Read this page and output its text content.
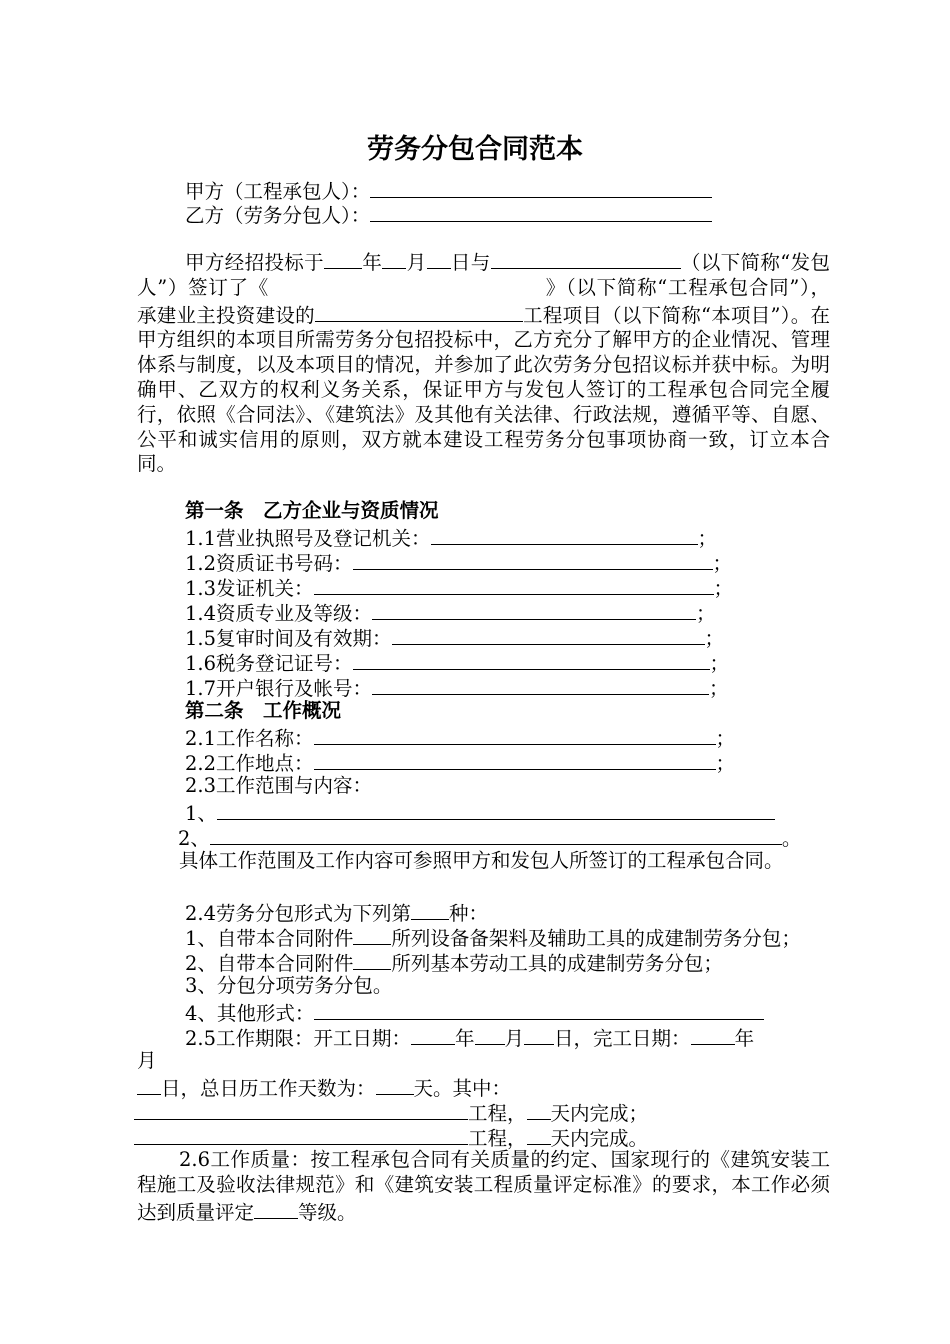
劳务分包合同范本
甲方（工程承包人）：
乙方（劳务分包人）：
甲方经招投标于 年 月 日与	（以下简称“发包人”）签订了《	》（以下简称“工程承包合同”），承建业主投资建设的	工程项目（以下简称“本项目”）。在甲方组织的本项目所需劳务分包招投标中，乙方充分了解甲方的企业情况、管理体系与制度，以及本项目的情况，并参加了此次劳务分包招议标并获中标。为明确甲、乙双方的权利义务关系，保证甲方与发包人签订的工程承包合同完全履行，依照《合同法》、《建筑法》及其他有关法律、行政法规，遵循平等、自愿、公平和诚实信用的原则，双方就本建设工程劳务分包事项协商一致，订立本合同。
第一条　乙方企业与资质情况
1.1营业执照号及登记机关：	；
1.2资质证书号码：	；
1.3发证机关：	；
1.4资质专业及等级：	；
1.5复审时间及有效期：	；
1.6税务登记证号：	；
1.7开户银行及帐号：	；
第二条　工作概况
2.1工作名称：	；
2.2工作地点：	；
2.3工作范围与内容：
1、
2、	。
具体工作范围及工作内容可参照甲方和发包人所签订的工程承包合同。
2.4劳务分包形式为下列第 种：
1、自带本合同附件 所列设备备架料及辅助工具的成建制劳务分包；
2、自带本合同附件 所列基本劳动工具的成建制劳务分包；
3、分包分项劳务分包。
4、其他形式：
2.5工作期限：开工日期： 年 月 日，完工日期： 年
月
日，总日历工作天数为： 天。其中：
工程， 天内完成；
工程， 天内完成。
2.6工作质量：按工程承包合同有关质量的约定、国家现行的《建筑安装工程施工及验收法律规范》和《建筑安装工程质量评定标准》的要求，本工作必须达到质量评定 等级。
